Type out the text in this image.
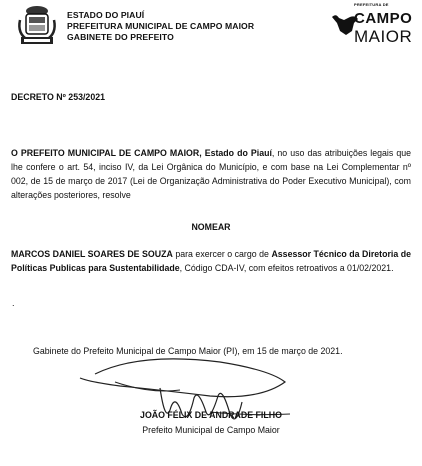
ESTADO DO PIAUÍ
PREFEITURA MUNICIPAL DE CAMPO MAIOR
GABINETE DO PREFEITO
PREFEITURA DE
CAMPO
MAIOR
DECRETO Nº 253/2021
O PREFEITO MUNICIPAL DE CAMPO MAIOR, Estado do Piauí, no uso das atribuições legais que lhe confere o art. 54, inciso IV, da Lei Orgânica do Município, e com base na Lei Complementar nº 002, de 15 de março de 2017 (Lei de Organização Administrativa do Poder Executivo Municipal), com alterações posteriores, resolve
NOMEAR
MARCOS DANIEL SOARES DE SOUZA para exercer o cargo de Assessor Técnico da Diretoria de Políticas Publicas para Sustentabilidade, Código CDA-IV, com efeitos retroativos a 01/02/2021.
.
Gabinete do Prefeito Municipal de Campo Maior (PI), em 15 de março de 2021.
JOÃO FÉLIX DE ANDRADE FILHO
Prefeito Municipal de Campo Maior
